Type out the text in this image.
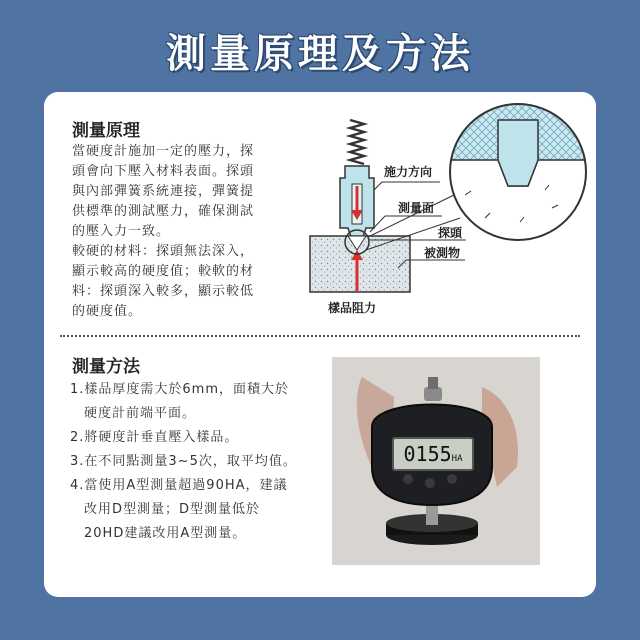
測量原理及方法
測量原理
當硬度計施加一定的壓力，探
頭會向下壓入材料表面。探頭
與內部彈簧系統連接，彈簧提
供標準的測試壓力，確保測試
的壓入力一致。
較硬的材料：探頭無法深入，
顯示較高的硬度值；較軟的材
料：探頭深入較多，顯示較低
的硬度值。
施力方向
測量面
探頭
被測物
樣品阻力
測量方法
1.樣品厚度需大於6mm，面積大於
硬度計前端平面。
2.將硬度計垂直壓入樣品。
3.在不同點測量3~5次，取平均值。
4.當使用A型測量超過90HA，建議
改用D型測量；D型測量低於
20HD建議改用A型測量。
0155HA
